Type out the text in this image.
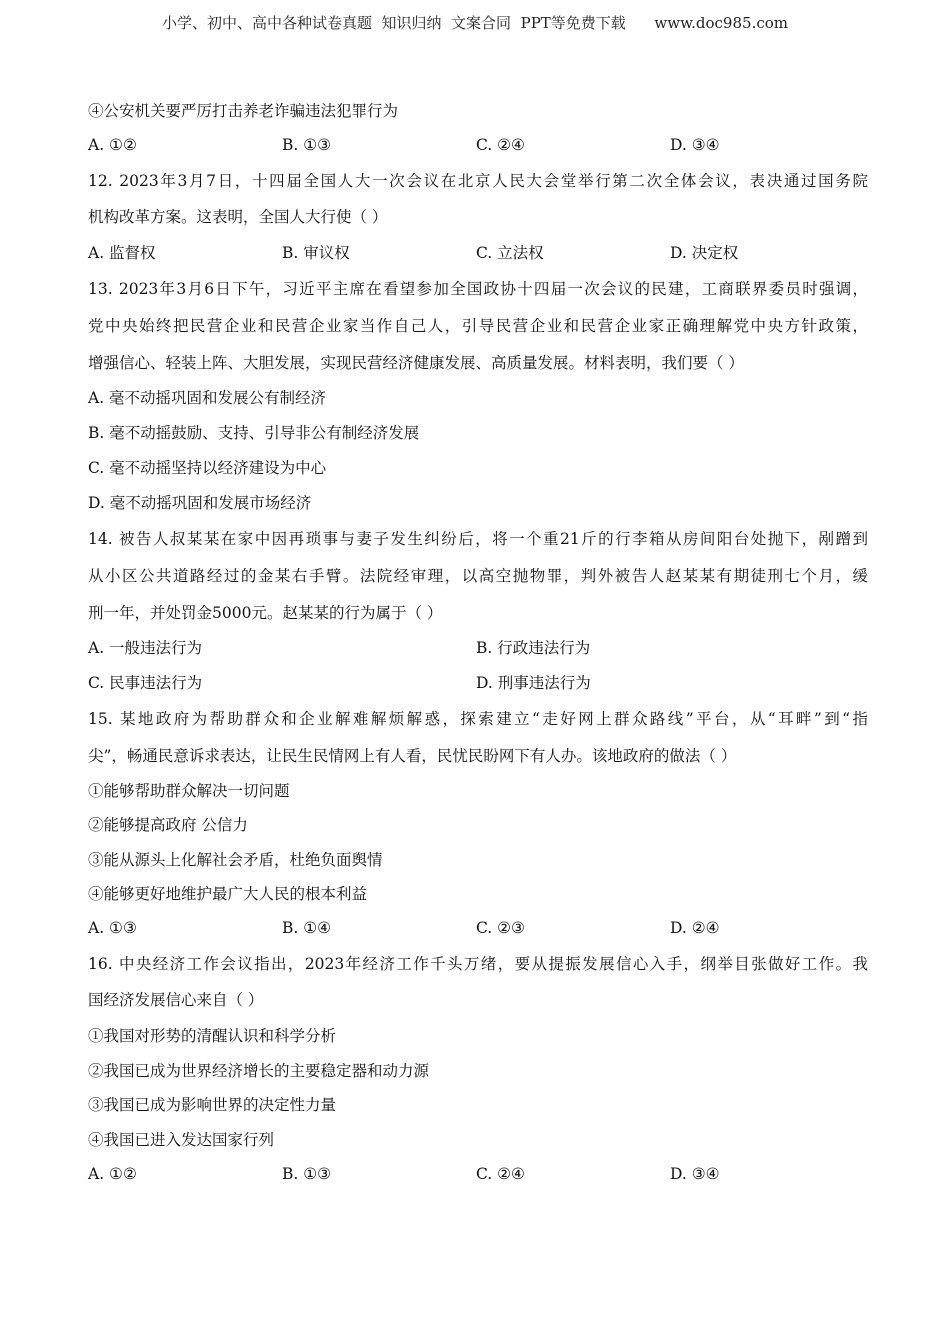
小学、初中、高中各种试卷真题  知识归纳  文案合同  PPT等免费下载      www.doc985.com
④公安机关要严厉打击养老诈骗违法犯罪行为
A. ①②	B. ①③	C. ②④	D. ③④
12. 2023年3月7日，十四届全国人大一次会议在北京人民大会堂举行第二次全体会议，表决通过国务院
机构改革方案。这表明，全国人大行使（ ）
A. 监督权	B. 审议权	C. 立法权	D. 决定权
13. 2023年3月6日下午，习近平主席在看望参加全国政协十四届一次会议的民建，工商联界委员时强调，
党中央始终把民营企业和民营企业家当作自己人，引导民营企业和民营企业家正确理解党中央方针政策，
增强信心、轻装上阵、大胆发展，实现民营经济健康发展、高质量发展。材料表明，我们要（ ）
A. 毫不动摇巩固和发展公有制经济
B. 毫不动摇鼓励、支持、引导非公有制经济发展
C. 毫不动摇坚持以经济建设为中心
D. 毫不动摇巩固和发展市场经济
14. 被告人叔某某在家中因再琐事与妻子发生纠纷后，将一个重21斤的行李箱从房间阳台处抛下，剐蹭到
从小区公共道路经过的金某右手臂。法院经审理，以高空抛物罪，判外被告人赵某某有期徒刑七个月，缓
刑一年，并处罚金5000元。赵某某的行为属于（ ）
A. 一般违法行为	B. 行政违法行为
C. 民事违法行为	D. 刑事违法行为
15. 某地政府为帮助群众和企业解难解烦解惑，探索建立“走好网上群众路线”平台，从“耳畔”到“指
尖”，畅通民意诉求表达，让民生民情网上有人看，民忧民盼网下有人办。该地政府的做法（ ）
①能够帮助群众解决一切问题
②能够提高政府 公信力
③能从源头上化解社会矛盾，杜绝负面舆情
④能够更好地维护最广大人民的根本利益
A. ①③	B. ①④	C. ②③	D. ②④
16. 中央经济工作会议指出，2023年经济工作千头万绪，要从提振发展信心入手，纲举目张做好工作。我
国经济发展信心来自（ ）
①我国对形势的清醒认识和科学分析
②我国已成为世界经济增长的主要稳定器和动力源
③我国已成为影响世界的决定性力量
④我国已进入发达国家行列
A. ①②	B. ①③	C. ②④	D. ③④
